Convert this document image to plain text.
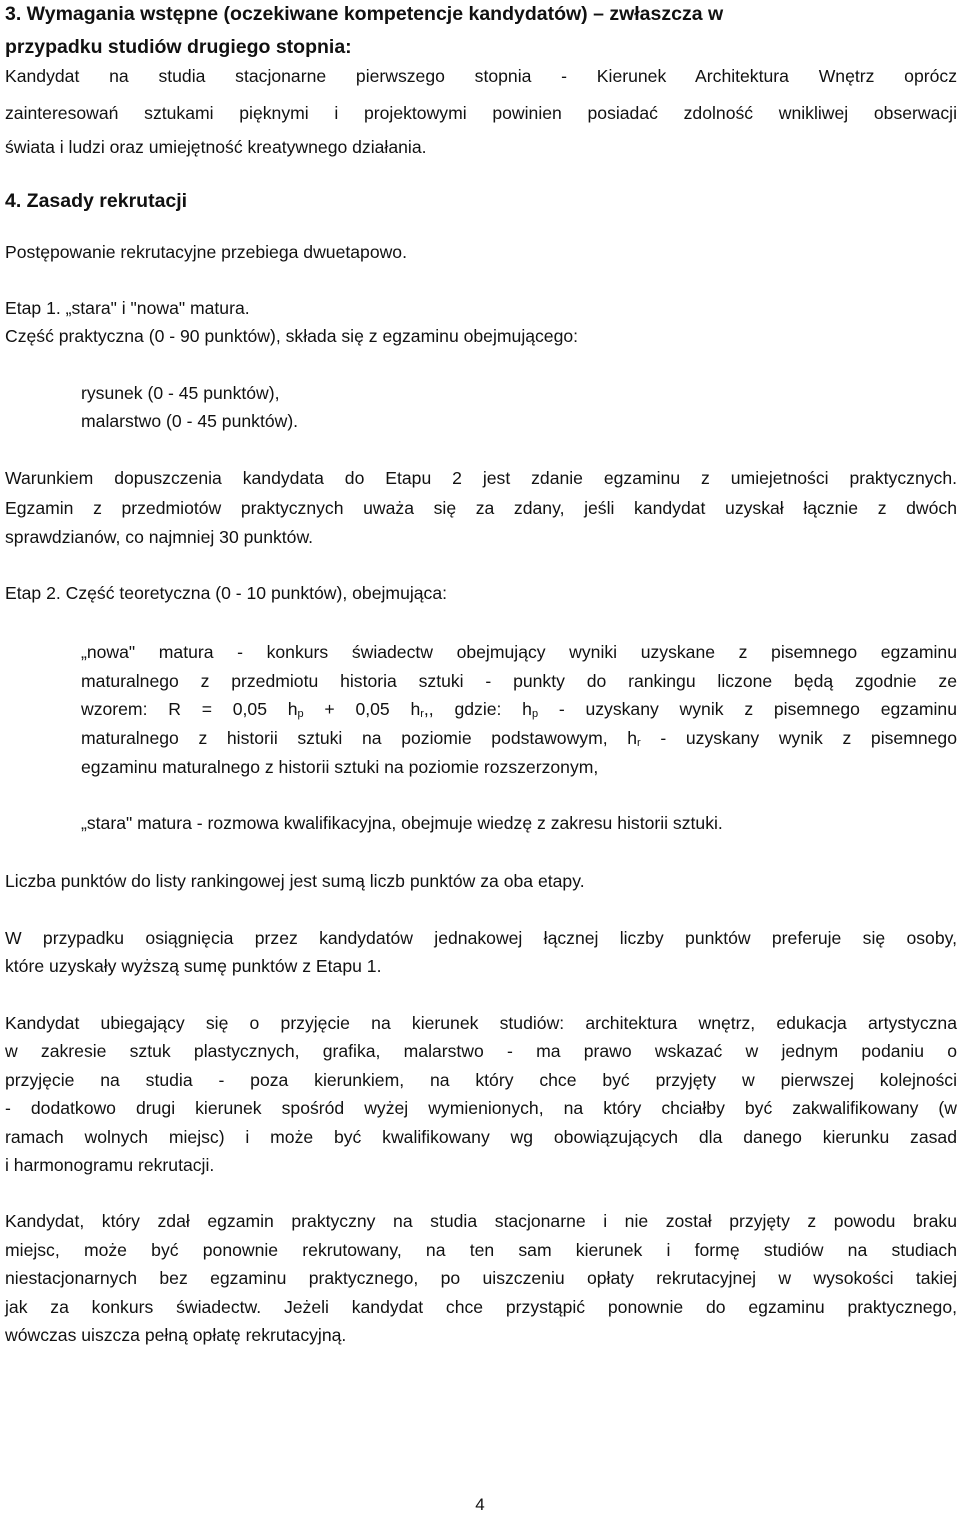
3. Wymagania wstępne (oczekiwane kompetencje kandydatów) – zwłaszcza w
przypadku studiów drugiego stopnia:
Kandydat na studia stacjonarne pierwszego stopnia - Kierunek Architektura Wnętrz oprócz
zainteresowań sztukami pięknymi i projektowymi powinien posiadać zdolność wnikliwej obserwacji
świata i ludzi oraz umiejętność kreatywnego działania.
4. Zasady rekrutacji
Postępowanie rekrutacyjne przebiega dwuetapowo.
Etap 1. „stara" i "nowa" matura.
Część praktyczna (0 - 90 punktów), składa się z egzaminu obejmującego:
rysunek (0 - 45 punktów),
malarstwo (0 - 45 punktów).
Warunkiem dopuszczenia kandydata do Etapu 2 jest zdanie egzaminu z umiejetności praktycznych.
Egzamin z przedmiotów praktycznych uważa się za zdany, jeśli kandydat uzyskał łącznie z dwóch
sprawdzianów, co najmniej 30 punktów.
Etap 2. Część teoretyczna (0 - 10 punktów), obejmująca:
„nowa" matura - konkurs świadectw obejmujący wyniki uzyskane z pisemnego egzaminu
maturalnego z przedmiotu historia sztuki - punkty do rankingu liczone będą zgodnie ze
wzorem: R = 0,05 $h_p + 0,05$ $h_r$,, gdzie: $h_p$ - uzyskany wynik z pisemnego egzaminu
maturalnego z historii sztuki na poziomie podstawowym, $h_r$ - uzyskany wynik z pisemnego
egzaminu maturalnego z historii sztuki na poziomie rozszerzonym,
„stara" matura - rozmowa kwalifikacyjna, obejmuje wiedzę z zakresu historii sztuki.
Liczba punktów do listy rankingowej jest sumą liczb punktów za oba etapy.
W przypadku osiągnięcia przez kandydatów jednakowej łącznej liczby punktów preferuje się osoby,
które uzyskały wyższą sumę punktów z Etapu 1.
Kandydat ubiegający się o przyjęcie na kierunek studiów: architektura wnętrz, edukacja artystyczna
w zakresie sztuk plastycznych, grafika, malarstwo - ma prawo wskazać w jednym podaniu o
przyjęcie na studia - poza kierunkiem, na który chce być przyjęty w pierwszej kolejności
- dodatkowo drugi kierunek spośród wyżej wymienionych, na który chciałby być zakwalifikowany (w
ramach wolnych miejsc) i może być kwalifikowany wg obowiązujących dla danego kierunku zasad
i harmonogramu rekrutacji.
Kandydat, który zdał egzamin praktyczny na studia stacjonarne i nie został przyjęty z powodu braku
miejsc, może być ponownie rekrutowany, na ten sam kierunek i formę studiów na studiach
niestacjonarnych bez egzaminu praktycznego, po uiszczeniu opłaty rekrutacyjnej w wysokości takiej
jak za konkurs świadectw. Jeżeli kandydat chce przystąpić ponownie do egzaminu praktycznego,
wówczas uiszcza pełną opłatę rekrutacyjną.
4
